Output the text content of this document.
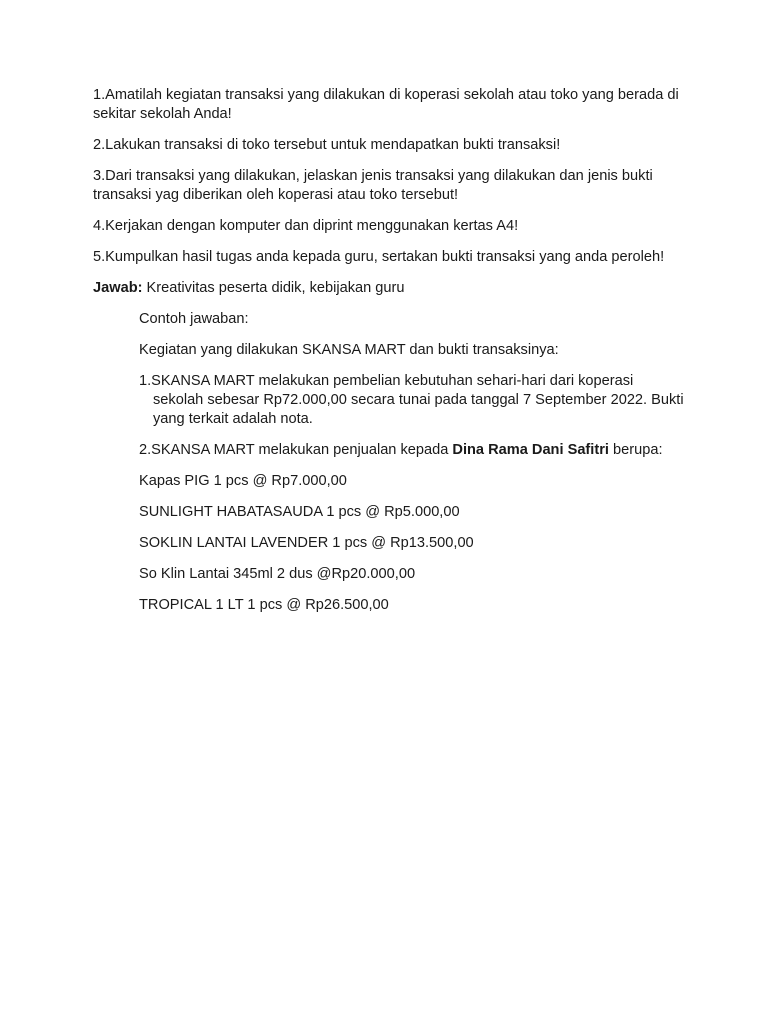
1.Amatilah kegiatan transaksi yang dilakukan di koperasi sekolah atau toko yang berada di sekitar sekolah Anda!

2.Lakukan transaksi di toko tersebut untuk mendapatkan bukti transaksi!

3.Dari transaksi yang dilakukan, jelaskan jenis transaksi yang dilakukan dan jenis bukti transaksi yag diberikan oleh koperasi atau toko tersebut!

4.Kerjakan dengan komputer dan diprint menggunakan kertas A4!

5.Kumpulkan hasil tugas anda kepada guru, sertakan bukti transaksi yang anda peroleh!

Jawab: Kreativitas peserta didik, kebijakan guru

Contoh jawaban:

Kegiatan yang dilakukan SKANSA MART dan bukti transaksinya:

1.SKANSA MART melakukan pembelian kebutuhan sehari-hari dari koperasi sekolah sebesar Rp72.000,00 secara tunai pada tanggal 7 September 2022. Bukti yang terkait adalah nota.

2.SKANSA MART melakukan penjualan kepada Dina Rama Dani Safitri berupa:

Kapas PIG 1 pcs @ Rp7.000,00

SUNLIGHT HABATASAUDA 1 pcs @ Rp5.000,00

SOKLIN LANTAI LAVENDER 1 pcs @ Rp13.500,00

So Klin Lantai 345ml 2 dus @Rp20.000,00

TROPICAL 1 LT 1 pcs @ Rp26.500,00
